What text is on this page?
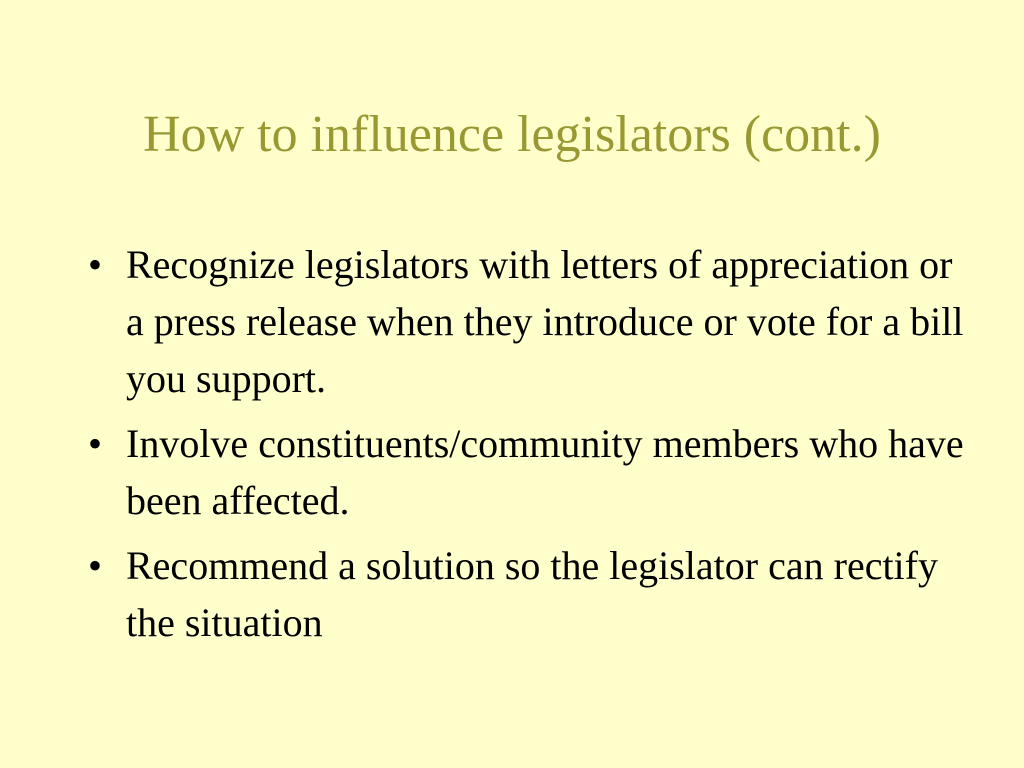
How to influence legislators (cont.)
• Recognize legislators with letters of appreciation or a press release when they introduce or vote for a bill you support.
• Involve constituents/community members who have been affected.
• Recommend a solution so the legislator can rectify the situation
